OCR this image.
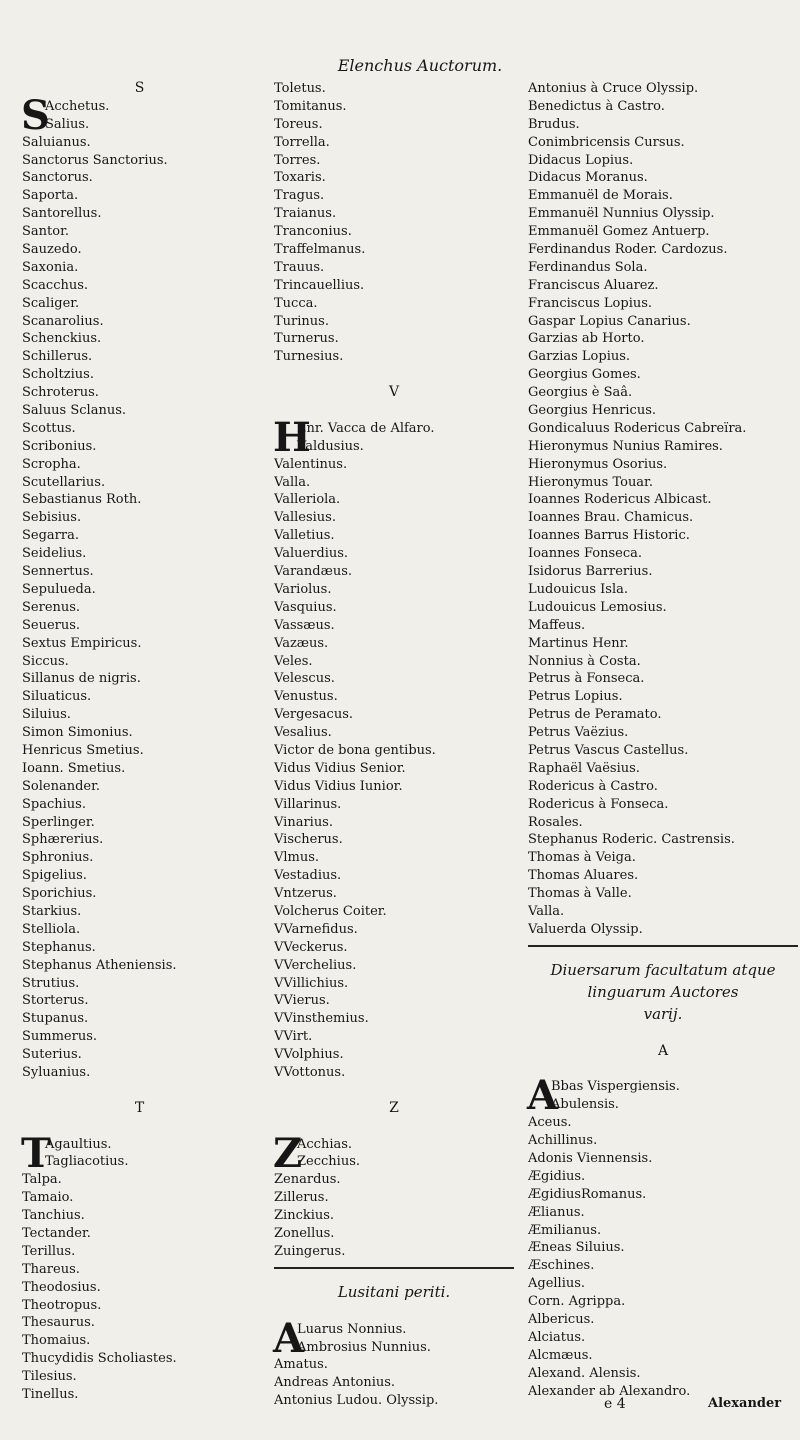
Elenchus Auctorum.
S
S
Acchetus.
Salius.
Saluianus.
Sanctorus Sanctorius.
Sanctorus.
Saporta.
Santorellus.
Santor.
Sauzedo.
Saxonia.
Scacchus.
Scaliger.
Scanarolius.
Schenckius.
Schillerus.
Scholtzius.
Schroterus.
Saluus Sclanus.
Scottus.
Scribonius.
Scropha.
Scutellarius.
Sebastianus Roth.
Sebisius.
Segarra.
Seidelius.
Sennertus.
Sepulueda.
Serenus.
Seuerus.
Sextus Empiricus.
Siccus.
Sillanus de nigris.
Siluaticus.
Siluius.
Simon Simonius.
Henricus Smetius.
Ioann. Smetius.
Solenander.
Spachius.
Sperlinger.
Sphærerius.
Sphronius.
Spigelius.
Sporichius.
Starkius.
Stelliola.
Stephanus.
Stephanus Atheniensis.
Strutius.
Storterus.
Stupanus.
Summerus.
Suterius.
Syluanius.
T
T
Agaultius.
Tagliacotius.
Talpa.
Tamaio.
Tanchius.
Tectander.
Terillus.
Thareus.
Theodosius.
Theotropus.
Thesaurus.
Thomaius.
Thucydidis Scholiastes.
Tilesius.
Tinellus.
Toletus.
Tomitanus.
Toreus.
Torrella.
Torres.
Toxaris.
Tragus.
Traianus.
Tranconius.
Traffelmanus.
Trauus.
Trincauellius.
Tucca.
Turinus.
Turnerus.
Turnesius.
V
H
Enr. Vacca de Alfaro.
Valdusius.
Valentinus.
Valla.
Valleriola.
Vallesius.
Valletius.
Valuerdius.
Varandæus.
Variolus.
Vasquius.
Vassæus.
Vazæus.
Veles.
Velescus.
Venustus.
Vergesacus.
Vesalius.
Victor de bona gentibus.
Vidus Vidius Senior.
Vidus Vidius Iunior.
Villarinus.
Vinarius.
Vischerus.
Vlmus.
Vestadius.
Vntzerus.
Volcherus Coiter.
VVarnefidus.
VVeckerus.
VVerchelius.
VVillichius.
VVierus.
VVinsthemius.
VVirt.
VVolphius.
VVottonus.
Z
Z
Acchias.
Zecchius.
Zenardus.
Zillerus.
Zinckius.
Zonellus.
Zuingerus.
Lusitani periti.
A
Luarus Nonnius.
Ambrosius Nunnius.
Amatus.
Andreas Antonius.
Antonius Ludou. Olyssip.
Antonius à Cruce Olyssip.
Benedictus à Castro.
Brudus.
Conimbricensis Cursus.
Didacus Lopius.
Didacus Moranus.
Emmanuël de Morais.
Emmanuël Nunnius Olyssip.
Emmanuël Gomez Antuerp.
Ferdinandus Roder. Cardozus.
Ferdinandus Sola.
Franciscus Aluarez.
Franciscus Lopius.
Gaspar Lopius Canarius.
Garzias ab Horto.
Garzias Lopius.
Georgius Gomes.
Georgius è Saâ.
Georgius Henricus.
Gondicaluus Rodericus Cabreïra.
Hieronymus Nunius Ramires.
Hieronymus Osorius.
Hieronymus Touar.
Ioannes Rodericus Albicast.
Ioannes Brau. Chamicus.
Ioannes Barrus Historic.
Ioannes Fonseca.
Isidorus Barrerius.
Ludouicus Isla.
Ludouicus Lemosius.
Maffeus.
Martinus Henr.
Nonnius à Costa.
Petrus à Fonseca.
Petrus Lopius.
Petrus de Peramato.
Petrus Vaëzius.
Petrus Vascus Castellus.
Raphaël Vaësius.
Rodericus à Castro.
Rodericus à Fonseca.
Rosales.
Stephanus Roderic. Castrensis.
Thomas à Veiga.
Thomas Aluares.
Thomas à Valle.
Valla.
Valuerda Olyssip.
Diuersarum facultatum atque
linguarum Auctores
varij.
A
A
Bbas Vispergiensis.
Abulensis.
Aceus.
Achillinus.
Adonis Viennensis.
Ægidius.
ÆgidiusRomanus.
Ælianus.
Æmilianus.
Æneas Siluius.
Æschines.
Agellius.
Corn. Agrippa.
Albericus.
Alciatus.
Alcmæus.
Alexand. Alensis.
Alexander ab Alexandro.
e 4	Alexander
